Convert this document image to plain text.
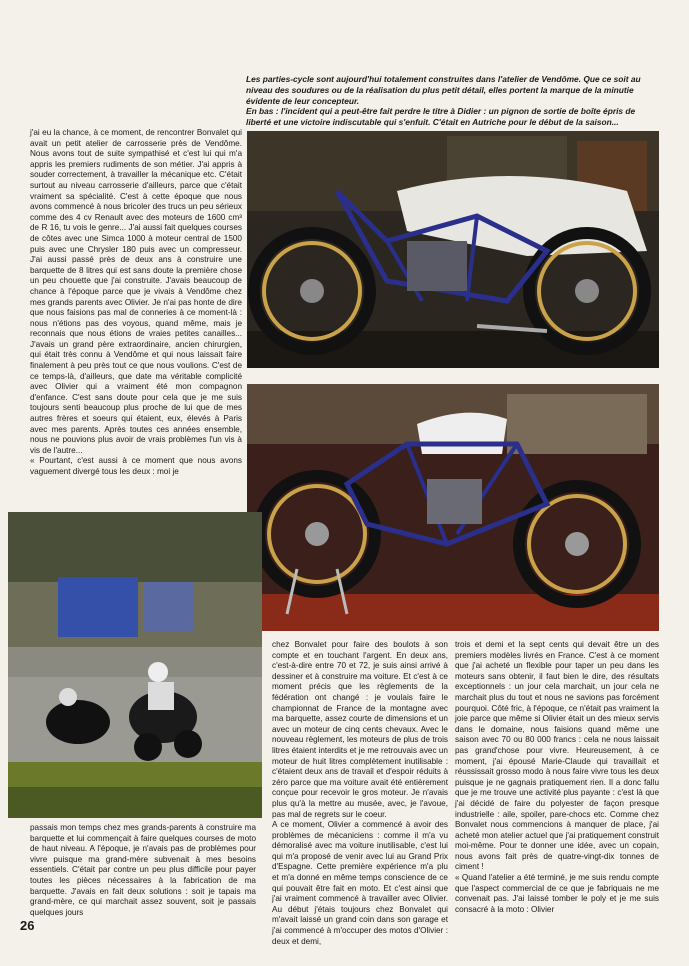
Les parties-cycle sont aujourd'hui totalement construites dans l'atelier de Vendôme. Que ce soit au niveau des soudures ou de la réalisation du plus petit détail, elles portent la marque de la minutie évidente de leur concepteur.
En bas : l'incident qui a peut-être fait perdre le titre à Didier : un pignon de sortie de boîte épris de liberté et une victoire indiscutable qui s'enfuit. C'était en Autriche pour le début de la saison...
j'ai eu la chance, à ce moment, de rencontrer Bonvalet qui avait un petit atelier de carrosserie près de Vendôme. Nous avons tout de suite sympathisé et c'est lui qui m'a appris les premiers rudiments de son métier. J'ai appris à souder correctement, à travailler la mécanique etc. C'était surtout au niveau carrosserie d'ailleurs, parce que c'était vraiment sa spécialité. C'est à cette époque que nous avons commencé à nous bricoler des trucs un peu sérieux comme des 4 cv Renault avec des moteurs de 1600 cm³ de R 16, tu vois le genre... J'ai aussi fait quelques courses de côtes avec une Simca 1000 à moteur central de 1500 puis avec une Chrysler 180 puis avec un compresseur. J'ai aussi passé près de deux ans à construire une barquette de 8 litres qui est sans doute la première chose un peu chouette que j'ai construite. J'avais beaucoup de chance à l'époque parce que je vivais à Vendôme chez mes grands parents avec Olivier. Je n'ai pas honte de dire que nous faisions pas mal de conneries à ce moment-là : nous n'étions pas des voyous, quand même, mais je reconnais que nous étions de vraies petites canailles... J'avais un grand père extraordinaire, ancien chirurgien, qui était très connu à Vendôme et qui nous laissait faire finalement à peu près tout ce que nous voulions. C'est de ce temps-là, d'ailleurs, que date ma véritable complicité avec Olivier qui a vraiment été mon compagnon d'enfance. C'est sans doute pour cela que je me suis toujours senti beaucoup plus proche de lui que de mes autres frères et soeurs qui étaient, eux, élevés à Paris avec mes parents. Après toutes ces années ensemble, nous ne pouvions plus avoir de vrais problèmes l'un vis à vis de l'autre...
« Pourtant, c'est aussi à ce moment que nous avons vaguement divergé tous les deux : moi je
passais mon temps chez mes grands-parents à construire ma barquette et lui commençait à faire quelques courses de moto de haut niveau. A l'époque, je n'avais pas de problèmes pour vivre puisque ma grand-mère subvenait à mes besoins essentiels. C'était par contre un peu plus difficile pour payer toutes les pièces nécessaires à la fabrication de ma barquette. J'avais en fait deux solutions : soit je tapais ma grand-mère, ce qui marchait assez souvent, soit je passais quelques jours
chez Bonvalet pour faire des boulots à son compte et en touchant l'argent. En deux ans, c'est-à-dire entre 70 et 72, je suis ainsi arrivé à dessiner et à construire ma voiture. Et c'est à ce moment précis que les règlements de la fédération ont changé : je voulais faire le championnat de France de la montagne avec ma barquette, assez courte de dimensions et un avec un moteur de cinq cents chevaux. Avec le nouveau règlement, les moteurs de plus de trois litres étaient interdits et je me retrouvais avec un moteur de huit litres complètement inutilisable : c'étaient deux ans de travail et d'espoir réduits à zéro parce que ma voiture avait été entièrement conçue pour recevoir le gros moteur. Je n'avais plus qu'à la mettre au musée, avec, je l'avoue, pas mal de regrets sur le coeur.
A ce moment, Olivier a commencé à avoir des problèmes de mécaniciens : comme il m'a vu démoralisé avec ma voiture inutilisable, c'est lui qui m'a proposé de venir avec lui au Grand Prix d'Espagne. Cette première expérience m'a plu et m'a donné en même temps conscience de ce qui pouvait être fait en moto. Et c'est ainsi que j'ai vraiment commencé à travailler avec Olivier. Au début j'étais toujours chez Bonvalet qui m'avait laissé un grand coin dans son garage et j'ai commencé à m'occuper des motos d'Olivier : deux et demi,
trois et demi et la sept cents qui devait être un des premiers modèles livrés en France. C'est à ce moment que j'ai acheté un flexible pour taper un peu dans les moteurs sans obtenir, il faut bien le dire, des résultats exceptionnels : un jour cela marchait, un jour cela ne marchait plus du tout et nous ne savions pas forcément pourquoi. Côté fric, à l'époque, ce n'était pas vraiment la joie parce que même si Olivier était un des mieux servis dans le domaine, nous faisions quand même une saison avec 70 ou 80 000 francs : cela ne nous laissait pas grand'chose pour vivre. Heureusement, à ce moment, j'ai épousé Marie-Claude qui travaillait et réussissait grosso modo à nous faire vivre tous les deux puisque je ne gagnais pratiquement rien. Il a donc fallu que je me trouve une activité plus payante : c'est là que j'ai décidé de faire du polyester de façon presque industrielle : aile, spoiler, pare-chocs etc. Comme chez Bonvalet nous commencions à manquer de place, j'ai acheté mon atelier actuel que j'ai pratiquement construit moi-même. Pour te donner une idée, avec un copain, nous avons fait près de quatre-vingt-dix tonnes de ciment !
« Quand l'atelier a été terminé, je me suis rendu compte que l'aspect commercial de ce que je fabriquais ne me convenait pas. J'ai laissé tomber le poly et je me suis consacré à la moto : Olivier
26
